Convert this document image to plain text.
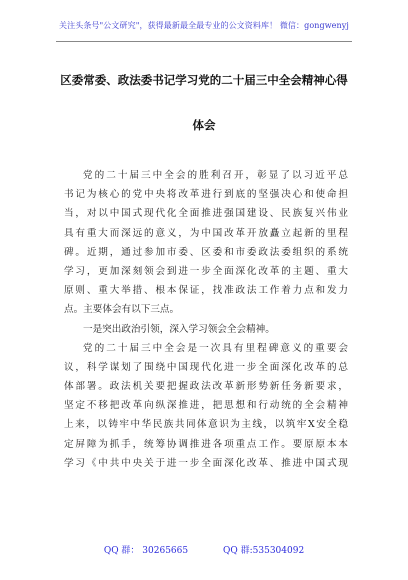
关注头条号"公文研究"，获得最新最全最专业的公文资料库！ 微信：gongwenyj
区委常委、政法委书记学习党的二十届三中全会精神心得
体会
党的二十届三中全会的胜利召开，彰显了以习近平总
书记为核心的党中央将改革进行到底的坚强决心和使命担
当，对以中国式现代化全面推进强国建设、民族复兴伟业
具有重大而深远的意义，为中国改革开放矗立起新的里程
碑。近期，通过参加市委、区委和市委政法委组织的系统
学习，更加深刻领会到进一步全面深化改革的主题、重大
原则、重大举措、根本保证，找准政法工作着力点和发力
点。主要体会有以下三点。
一是突出政治引领，深入学习领会全会精神。
党的二十届三中全会是一次具有里程碑意义的重要会
议，科学谋划了围绕中国现代化进一步全面深化改革的总
体部署。政法机关要把握政法改革新形势新任务新要求，
坚定不移把改革向纵深推进，把思想和行动统的全会精神
上来，以铸牢中华民族共同体意识为主线，以筑牢X安全稳
定屏障为抓手，统筹协调推进各项重点工作。要原原本本
学习《中共中央关于进一步全面深化改革、推进中国式现
QQ 群： 30265665	QQ 群:535304092
